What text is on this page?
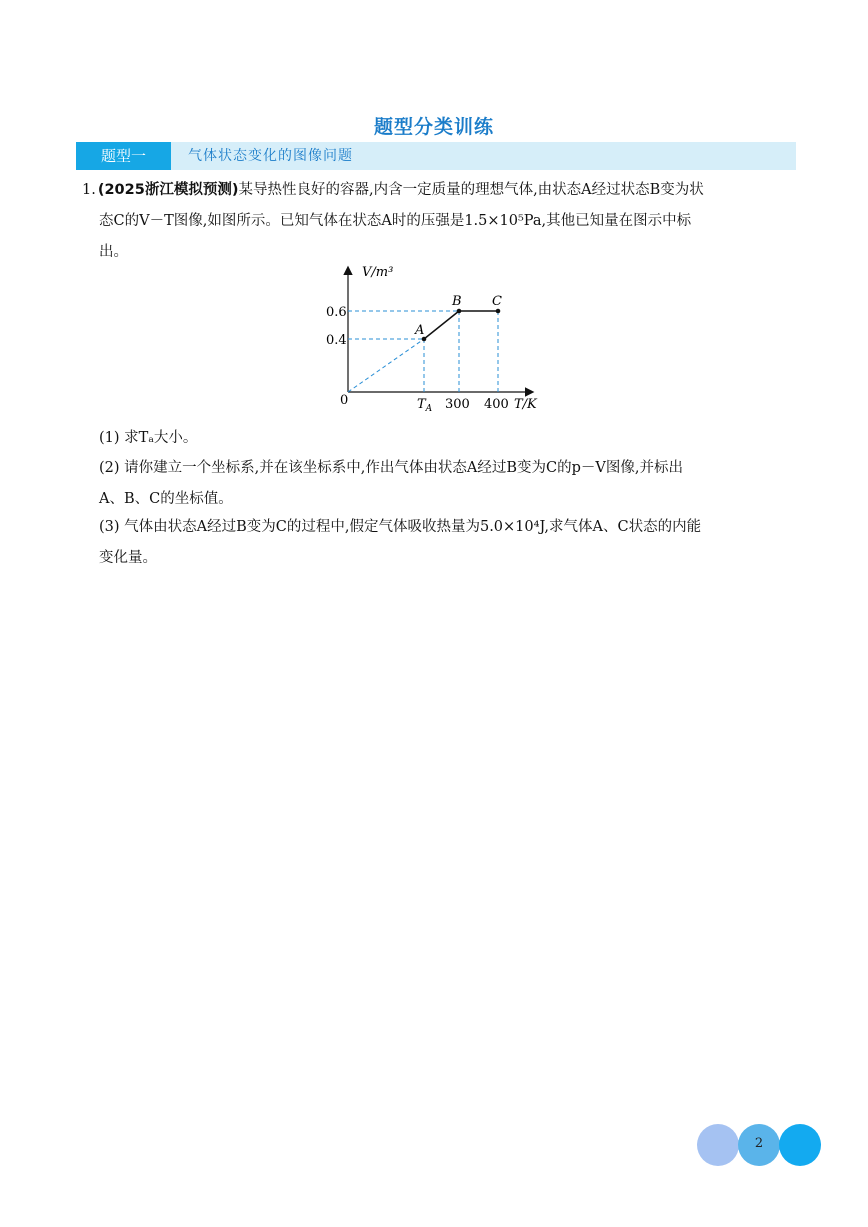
题型分类训练
题型一	气体状态变化的图像问题
1. (2025浙江模拟预测)某导热性良好的容器,内含一定质量的理想气体,由状态A经过状态B变为状
态C的V－T图像,如图所示。已知气体在状态A时的压强是1.5×10⁵Pa,其他已知量在图示中标
出。
V/m³
0.6
0.4
0	$T_A$ 300 400 T/K
A
B C
(1) 求Tₐ大小。
(2) 请你建立一个坐标系,并在该坐标系中,作出气体由状态A经过B变为C的p－V图像,并标出
A、B、C的坐标值。
(3) 气体由状态A经过B变为C的过程中,假定气体吸收热量为5.0×10⁴J,求气体A、C状态的内能
变化量。
2
